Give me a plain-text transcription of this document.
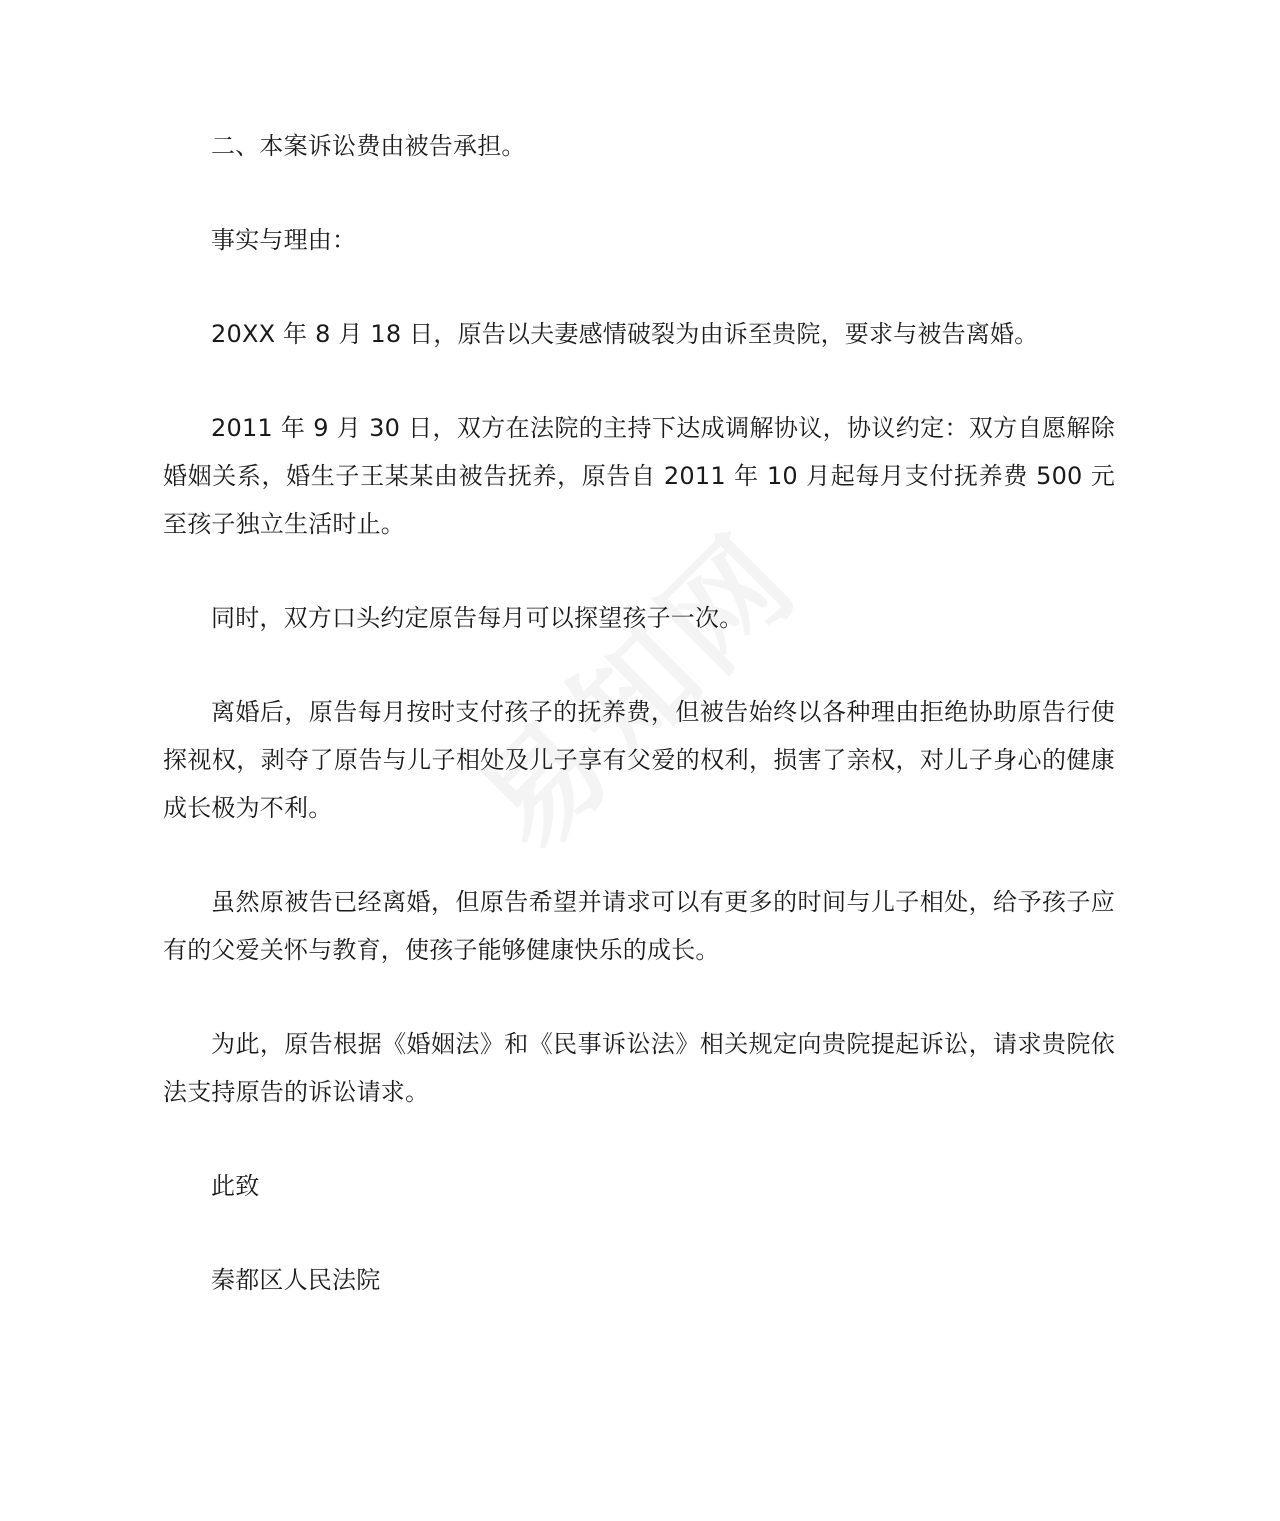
二、本案诉讼费由被告承担。

事实与理由：

20XX 年 8 月 18 日，原告以夫妻感情破裂为由诉至贵院，要求与被告离婚。

2011 年 9 月 30 日，双方在法院的主持下达成调解协议，协议约定：双方自愿解除婚姻关系，婚生子王某某由被告抚养，原告自 2011 年 10 月起每月支付抚养费 500 元至孩子独立生活时止。

同时，双方口头约定原告每月可以探望孩子一次。

离婚后，原告每月按时支付孩子的抚养费，但被告始终以各种理由拒绝协助原告行使探视权，剥夺了原告与儿子相处及儿子享有父爱的权利，损害了亲权，对儿子身心的健康成长极为不利。

虽然原被告已经离婚，但原告希望并请求可以有更多的时间与儿子相处，给予孩子应有的父爱关怀与教育，使孩子能够健康快乐的成长。

为此，原告根据《婚姻法》和《民事诉讼法》相关规定向贵院提起诉讼，请求贵院依法支持原告的诉讼请求。

此致

秦都区人民法院
